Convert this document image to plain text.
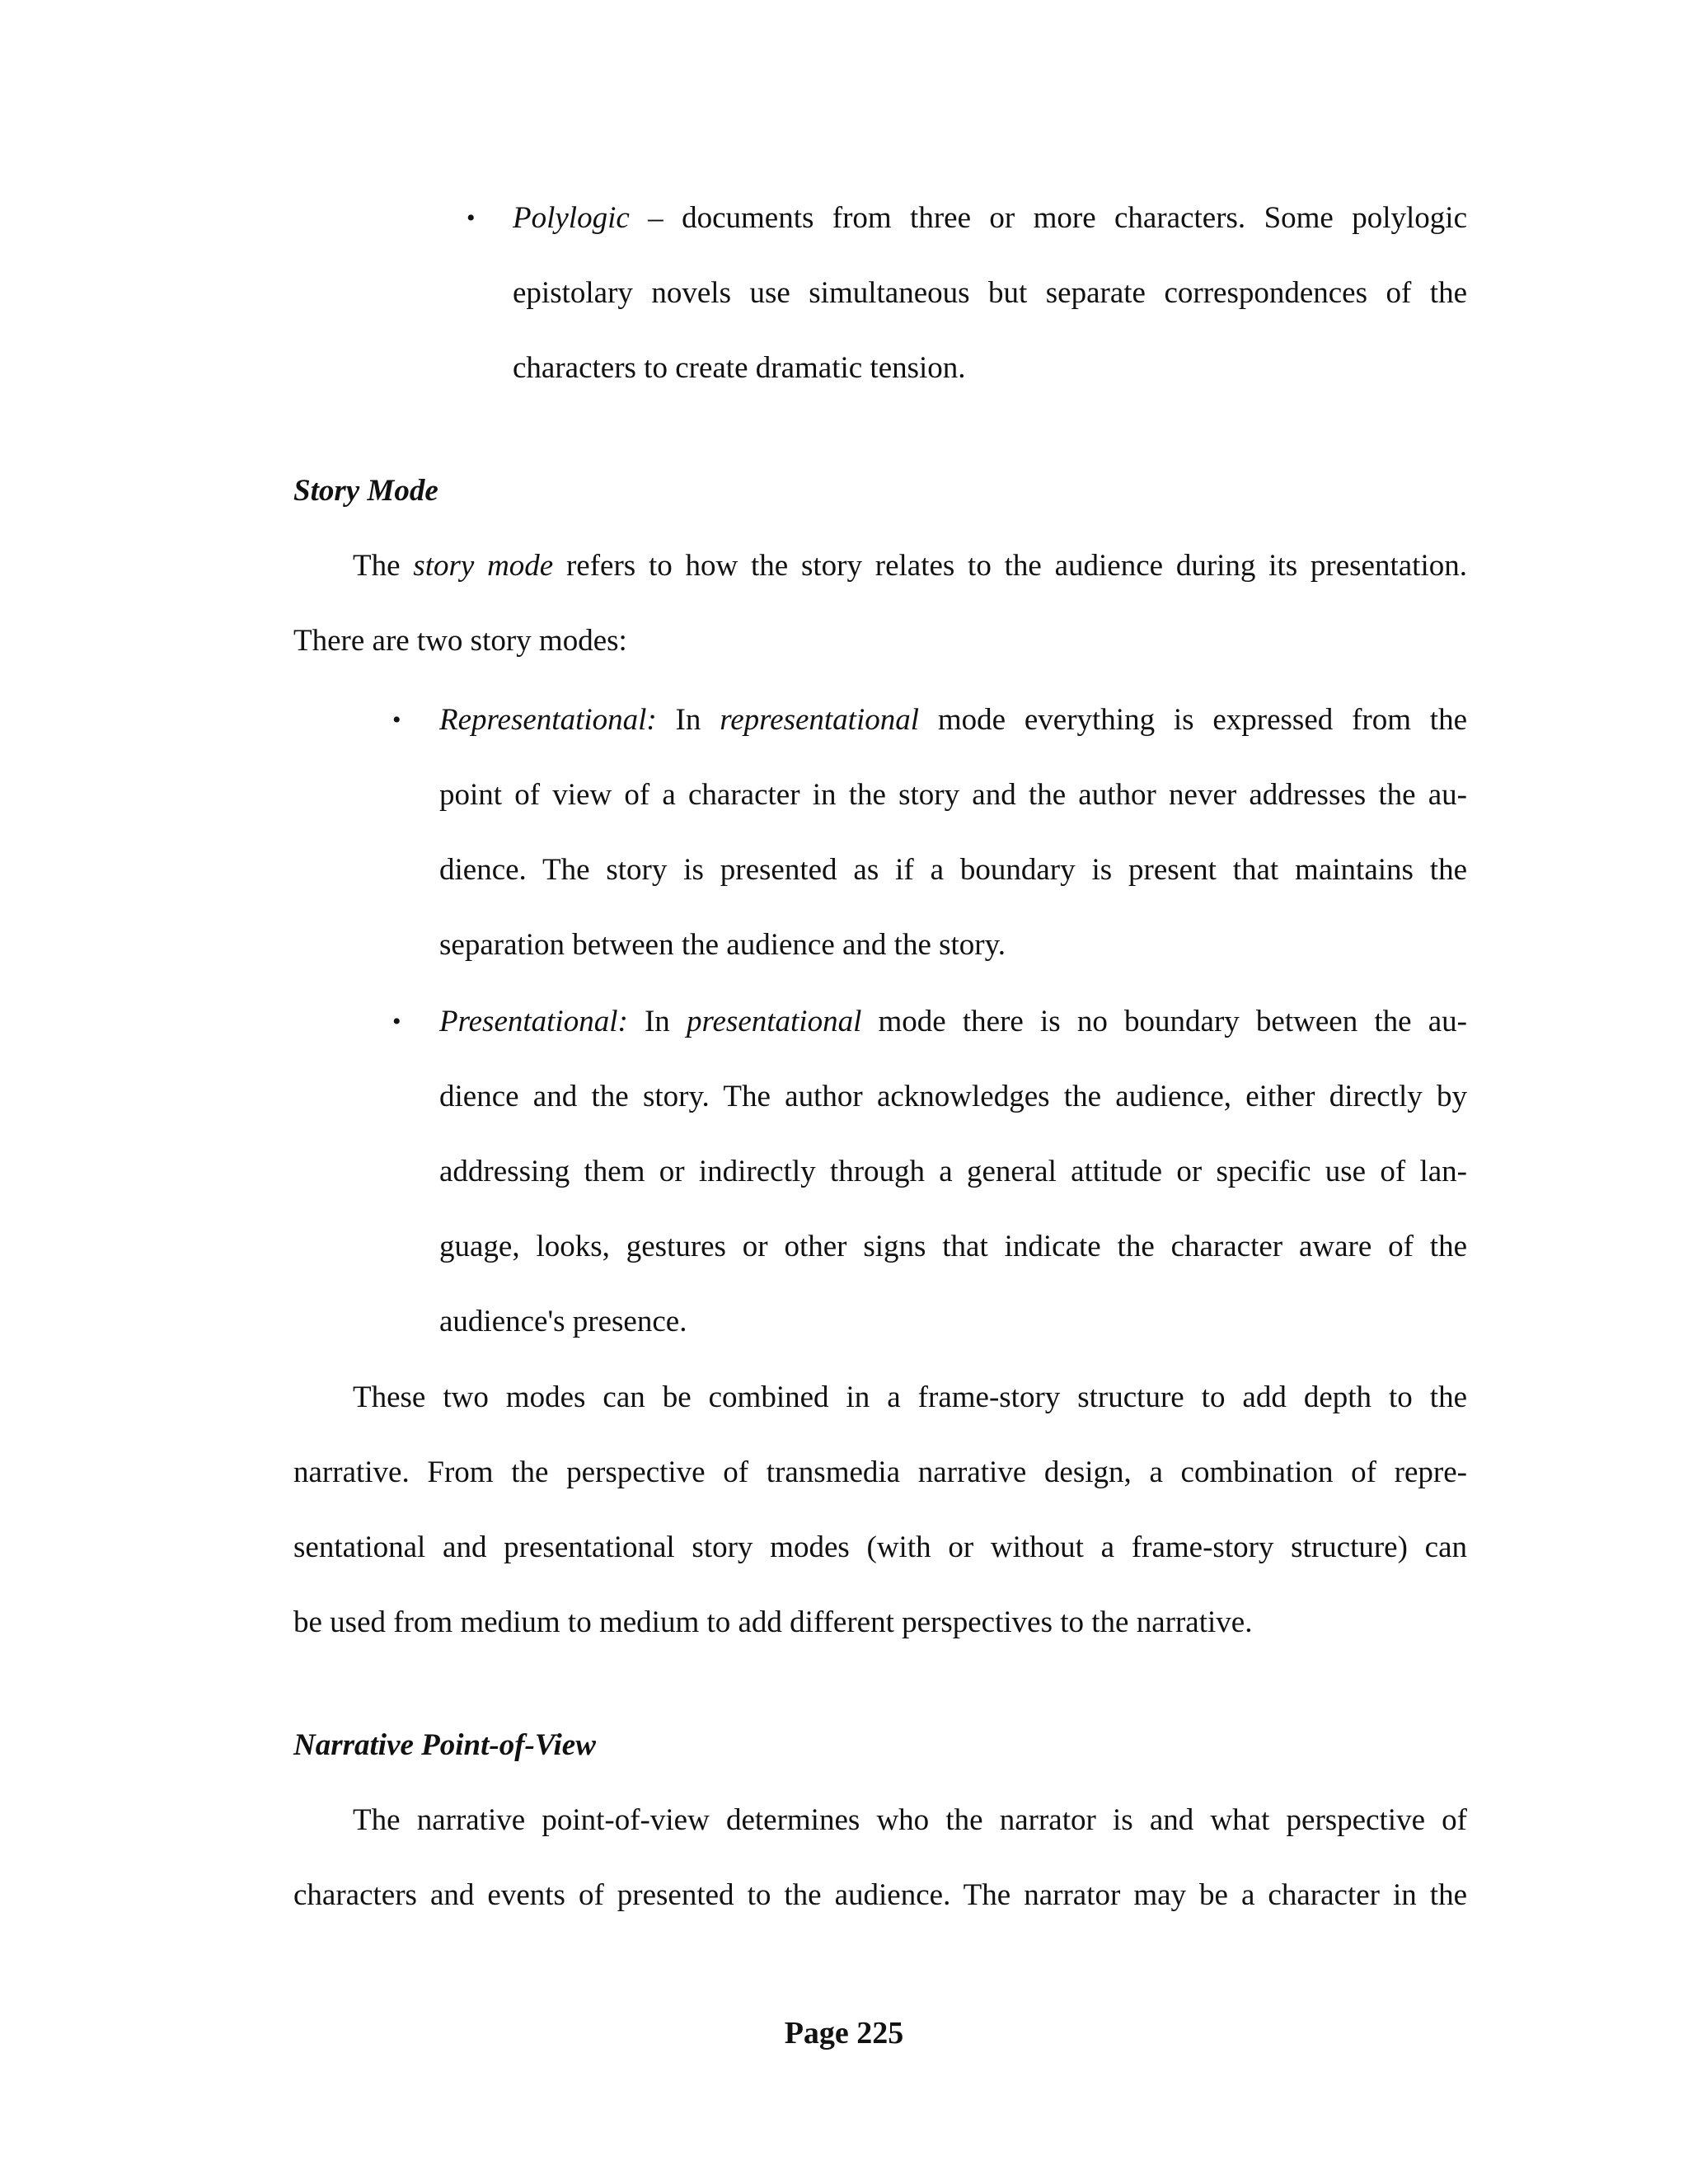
• Polylogic – documents from three or more characters. Some polylogic
epistolary novels use simultaneous but separate correspondences of the
characters to create dramatic tension.
Story Mode
The story mode refers to how the story relates to the audience during its presentation.
There are two story modes:
• Representational: In representational mode everything is expressed from the
point of view of a character in the story and the author never addresses the au-
dience. The story is presented as if a boundary is present that maintains the
separation between the audience and the story.
• Presentational: In presentational mode there is no boundary between the au-
dience and the story. The author acknowledges the audience, either directly by
addressing them or indirectly through a general attitude or specific use of lan-
guage, looks, gestures or other signs that indicate the character aware of the
audience's presence.
These two modes can be combined in a frame-story structure to add depth to the
narrative. From the perspective of transmedia narrative design, a combination of repre-
sentational and presentational story modes (with or without a frame-story structure) can
be used from medium to medium to add different perspectives to the narrative.
Narrative Point-of-View
The narrative point-of-view determines who the narrator is and what perspective of
characters and events of presented to the audience. The narrator may be a character in the
Page 225
